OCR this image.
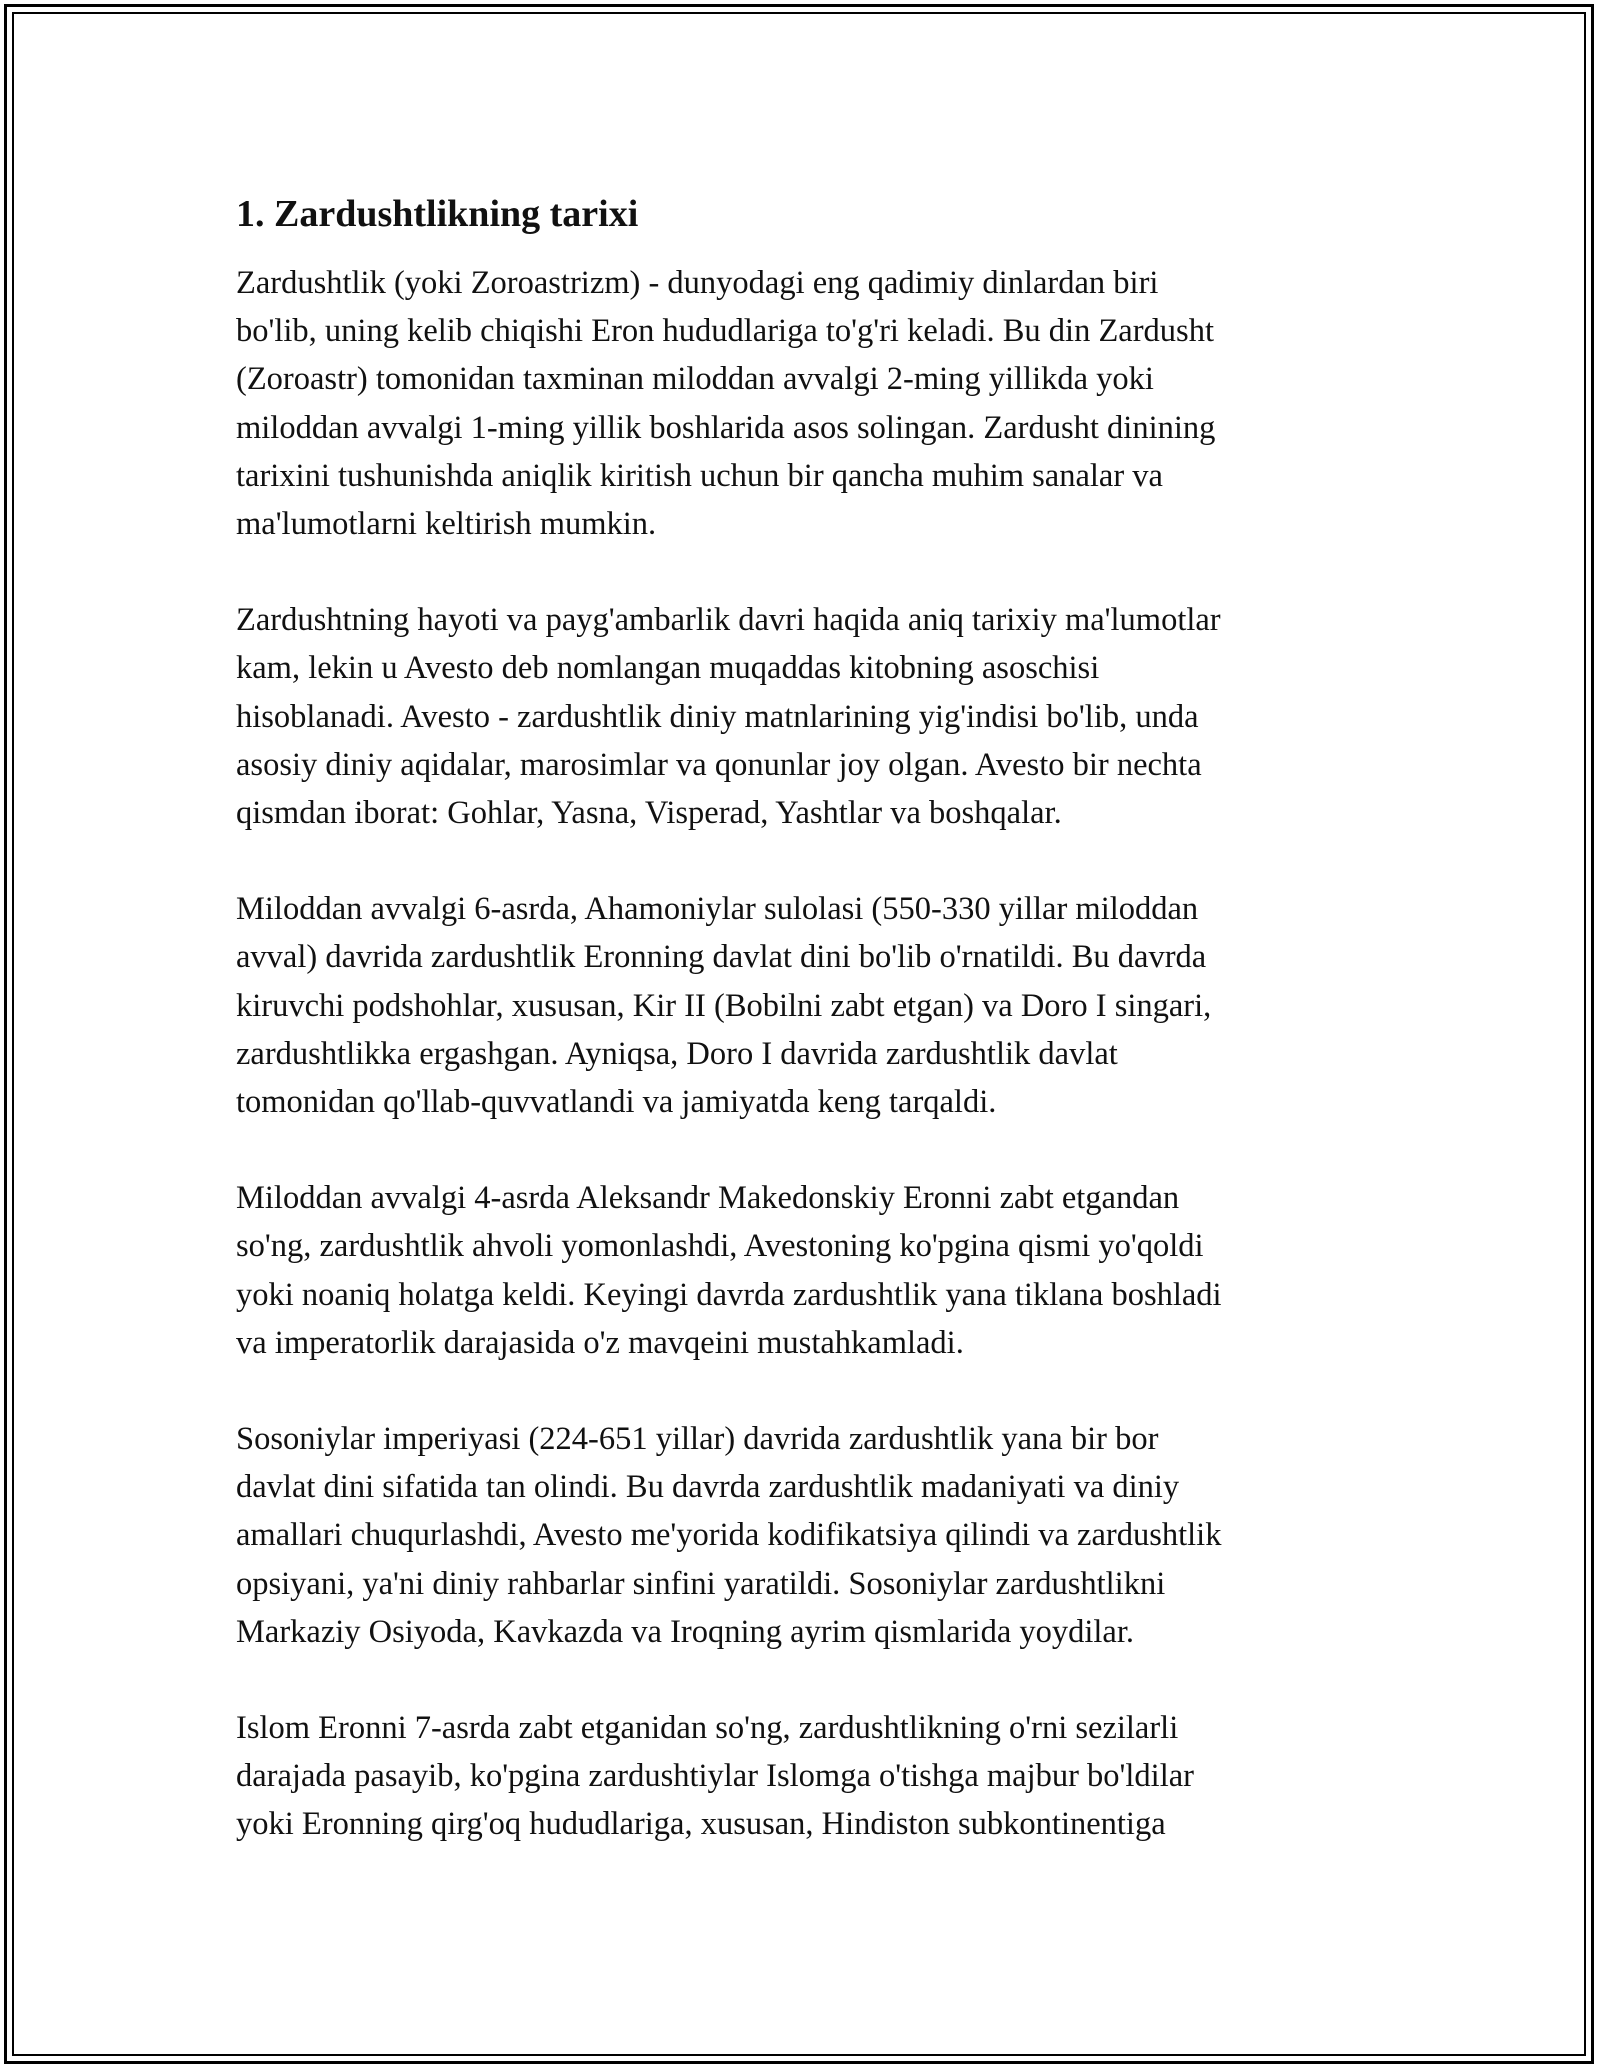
1. Zardushtlikning tarixi

Zardushtlik (yoki Zoroastrizm) - dunyodagi eng qadimiy dinlardan biri
bo'lib, uning kelib chiqishi Eron hududlariga to'g'ri keladi. Bu din Zardusht
(Zoroastr) tomonidan taxminan miloddan avvalgi 2-ming yillikda yoki
miloddan avvalgi 1-ming yillik boshlarida asos solingan. Zardusht dinining
tarixini tushunishda aniqlik kiritish uchun bir qancha muhim sanalar va
ma'lumotlarni keltirish mumkin.

Zardushtning hayoti va payg'ambarlik davri haqida aniq tarixiy ma'lumotlar
kam, lekin u Avesto deb nomlangan muqaddas kitobning asoschisi
hisoblanadi. Avesto - zardushtlik diniy matnlarining yig'indisi bo'lib, unda
asosiy diniy aqidalar, marosimlar va qonunlar joy olgan. Avesto bir nechta
qismdan iborat: Gohlar, Yasna, Visperad, Yashtlar va boshqalar.

Miloddan avvalgi 6-asrda, Ahamoniylar sulolasi (550-330 yillar miloddan
avval) davrida zardushtlik Eronning davlat dini bo'lib o'rnatildi. Bu davrda
kiruvchi podshohlar, xususan, Kir II (Bobilni zabt etgan) va Doro I singari,
zardushtlikka ergashgan. Ayniqsa, Doro I davrida zardushtlik davlat
tomonidan qo'llab-quvvatlandi va jamiyatda keng tarqaldi.

Miloddan avvalgi 4-asrda Aleksandr Makedonskiy Eronni zabt etgandan
so'ng, zardushtlik ahvoli yomonlashdi, Avestoning ko'pgina qismi yo'qoldi
yoki noaniq holatga keldi. Keyingi davrda zardushtlik yana tiklana boshladi
va imperatorlik darajasida o'z mavqeini mustahkamladi.

Sosoniylar imperiyasi (224-651 yillar) davrida zardushtlik yana bir bor
davlat dini sifatida tan olindi. Bu davrda zardushtlik madaniyati va diniy
amallari chuqurlashdi, Avesto me'yorida kodifikatsiya qilindi va zardushtlik
opsiyani, ya'ni diniy rahbarlar sinfini yaratildi. Sosoniylar zardushtlikni
Markaziy Osiyoda, Kavkazda va Iroqning ayrim qismlarida yoydilar.

Islom Eronni 7-asrda zabt etganidan so'ng, zardushtlikning o'rni sezilarli
darajada pasayib, ko'pgina zardushtiylar Islomga o'tishga majbur bo'ldilar
yoki Eronning qirg'oq hududlariga, xususan, Hindiston subkontinentiga
